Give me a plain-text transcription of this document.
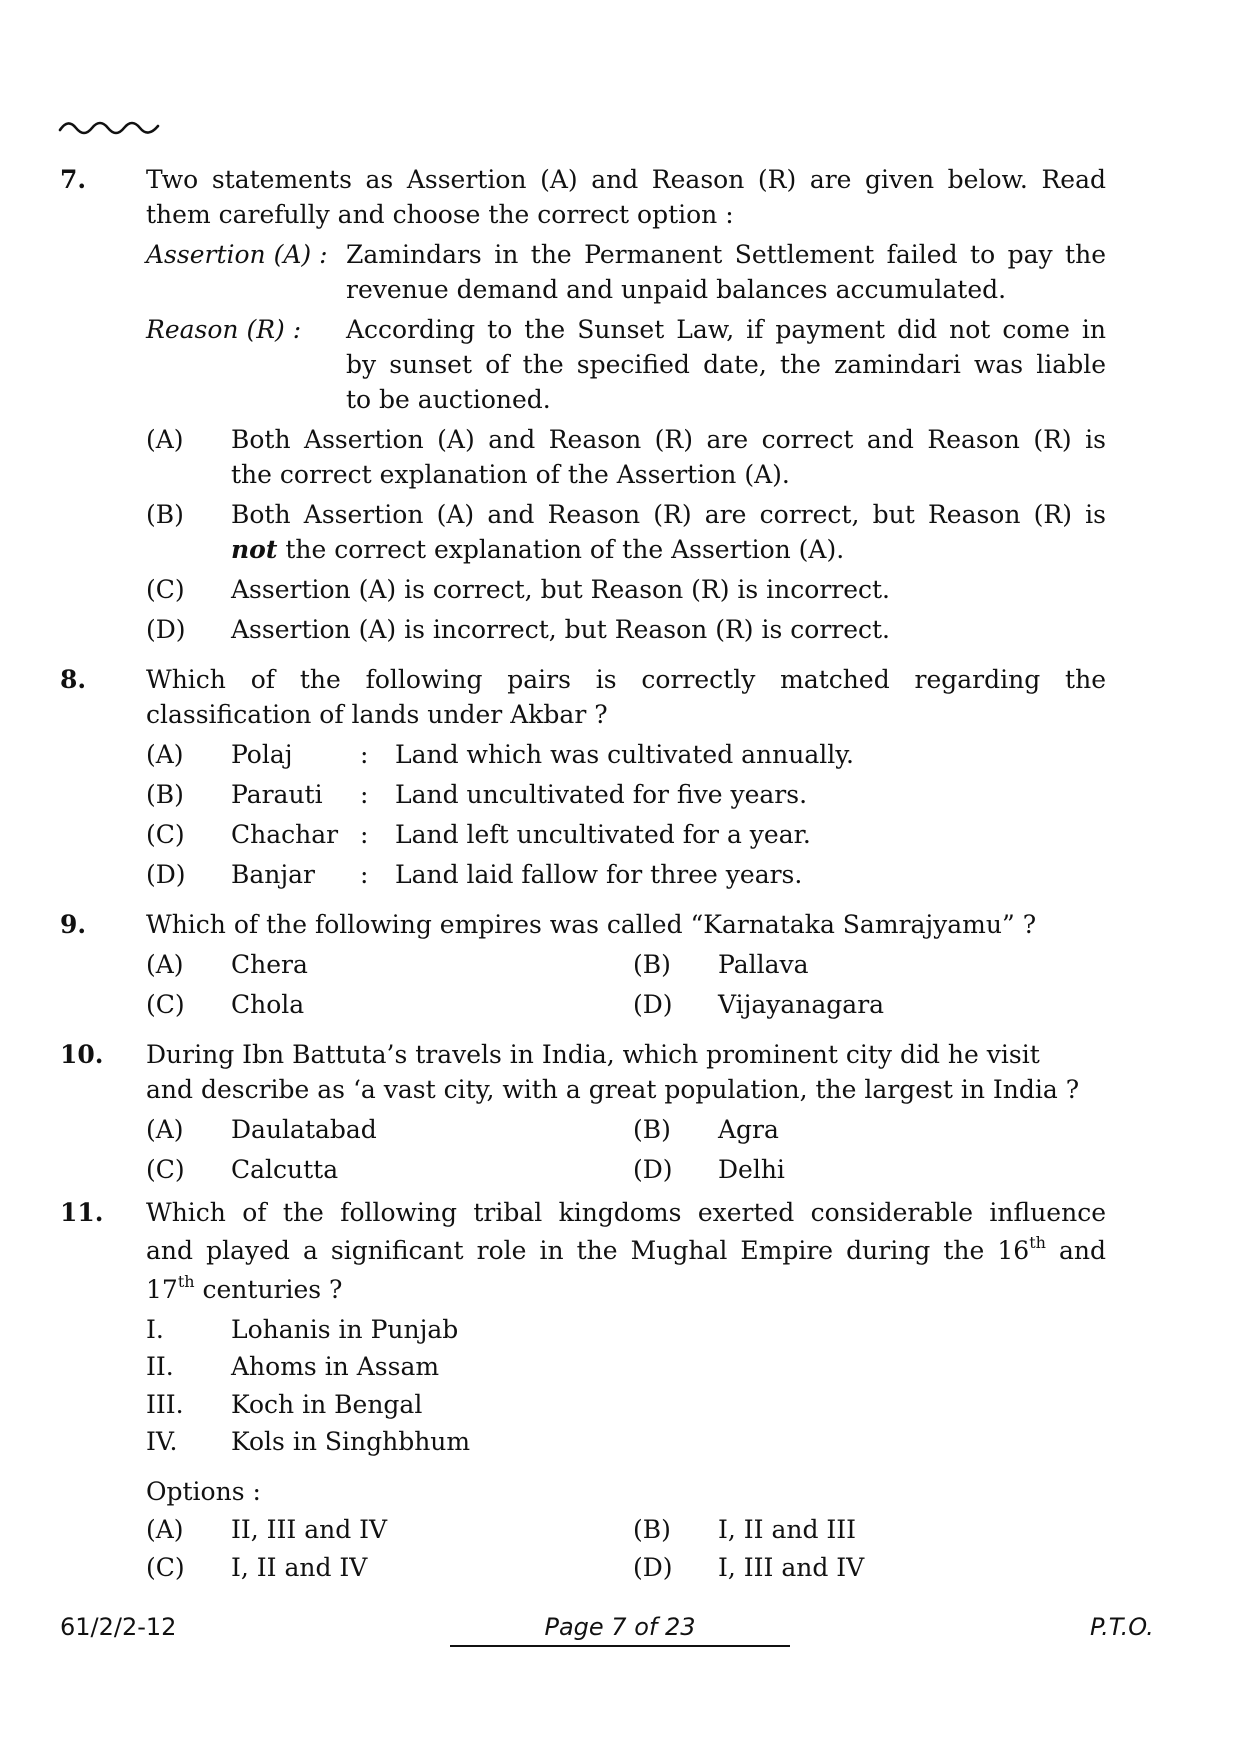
7. Two statements as Assertion (A) and Reason (R) are given below. Read
them carefully and choose the correct option :
Assertion (A) : Zamindars in the Permanent Settlement failed to pay the
revenue demand and unpaid balances accumulated.
Reason (R) : According to the Sunset Law, if payment did not come in
by sunset of the specified date, the zamindari was liable
to be auctioned.
(A) Both Assertion (A) and Reason (R) are correct and Reason (R) is
the correct explanation of the Assertion (A).
(B) Both Assertion (A) and Reason (R) are correct, but Reason (R) is
not the correct explanation of the Assertion (A).
(C) Assertion (A) is correct, but Reason (R) is incorrect.
(D) Assertion (A) is incorrect, but Reason (R) is correct.
8. Which of the following pairs is correctly matched regarding the
classification of lands under Akbar ?
(A) Polaj	: Land which was cultivated annually.
(B) Parauti : Land uncultivated for five years.
(C) Chachar : Land left uncultivated for a year.
(D) Banjar : Land laid fallow for three years.
9. Which of the following empires was called “Karnataka Samrajyamu” ?
(A) Chera	(B) Pallava
(C) Chola	(D) Vijayanagara
10. During Ibn Battuta’s travels in India, which prominent city did he visit
and describe as ‘a vast city, with a great population, the largest in India ?
(A) Daulatabad	(B) Agra
(C) Calcutta	(D) Delhi
11. Which of the following tribal kingdoms exerted considerable influence
and played a significant role in the Mughal Empire during the 16th and
17th centuries ?
I.	Lohanis in Punjab
II. Ahoms in Assam
III. Koch in Bengal
IV. Kols in Singhbhum
Options :
(A) II, III and IV	(B) I, II and III
(C) I, II and IV	(D) I, III and IV
61/2/2-12	Page 7 of 23	P.T.O.
